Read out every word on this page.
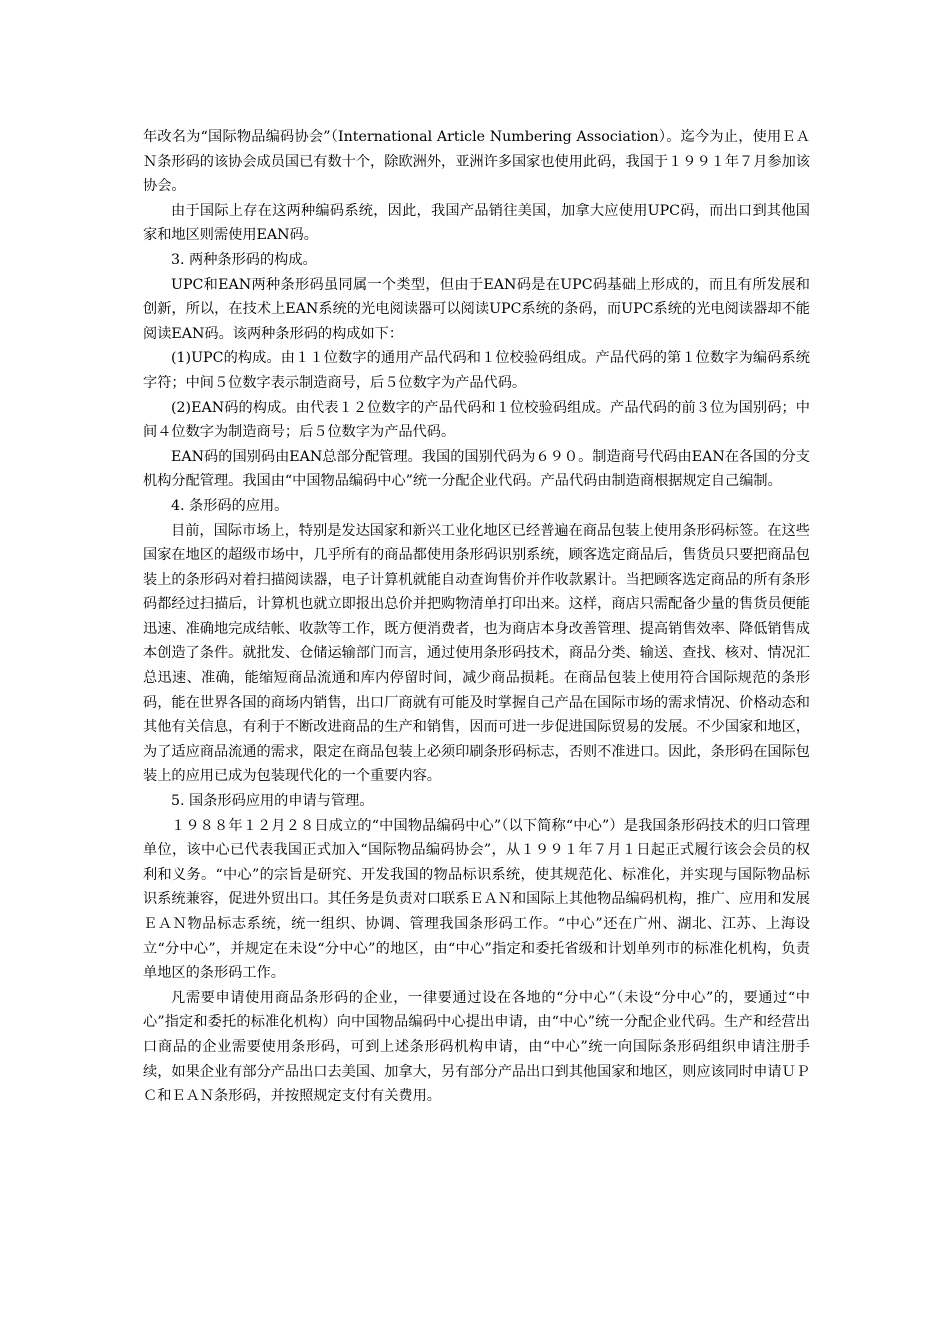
年改名为“国际物品编码协会”（International Article Numbering Association）。迄今为止，使用ＥＡＮ条形码的该协会成员国已有数十个，除欧洲外，亚洲许多国家也使用此码，我国于１９９１年７月参加该协会。

由于国际上存在这两种编码系统，因此，我国产品销往美国，加拿大应使用UPC码，而出口到其他国家和地区则需使用EAN码。

3. 两种条形码的构成。

UPC和EAN两种条形码虽同属一个类型，但由于EAN码是在UPC码基础上形成的，而且有所发展和创新，所以，在技术上EAN系统的光电阅读器可以阅读UPC系统的条码，而UPC系统的光电阅读器却不能阅读EAN码。该两种条形码的构成如下：

(1)UPC的构成。由１１位数字的通用产品代码和１位校验码组成。产品代码的第１位数字为编码系统字符；中间５位数字表示制造商号，后５位数字为产品代码。

(2)EAN码的构成。由代表１２位数字的产品代码和１位校验码组成。产品代码的前３位为国别码；中间４位数字为制造商号；后５位数字为产品代码。

EAN码的国别码由EAN总部分配管理。我国的国别代码为６９０。制造商号代码由EAN在各国的分支机构分配管理。我国由“中国物品编码中心”统一分配企业代码。产品代码由制造商根据规定自己编制。

4. 条形码的应用。

目前，国际市场上，特别是发达国家和新兴工业化地区已经普遍在商品包装上使用条形码标签。在这些国家在地区的超级市场中，几乎所有的商品都使用条形码识别系统，顾客选定商品后，售货员只要把商品包装上的条形码对着扫描阅读器，电子计算机就能自动查询售价并作收款累计。当把顾客选定商品的所有条形码都经过扫描后，计算机也就立即报出总价并把购物清单打印出来。这样，商店只需配备少量的售货员便能迅速、准确地完成结帐、收款等工作，既方便消费者，也为商店本身改善管理、提高销售效率、降低销售成本创造了条件。就批发、仓储运输部门而言，通过使用条形码技术，商品分类、输送、查找、核对、情况汇总迅速、准确，能缩短商品流通和库内停留时间，减少商品损耗。在商品包装上使用符合国际规范的条形码，能在世界各国的商场内销售，出口厂商就有可能及时掌握自己产品在国际市场的需求情况、价格动态和其他有关信息，有利于不断改进商品的生产和销售，因而可进一步促进国际贸易的发展。不少国家和地区，为了适应商品流通的需求，限定在商品包装上必须印刷条形码标志，否则不准进口。因此，条形码在国际包装上的应用已成为包装现代化的一个重要内容。

5. 国条形码应用的申请与管理。

１９８８年１２月２８日成立的“中国物品编码中心”（以下简称“中心”）是我国条形码技术的归口管理单位，该中心已代表我国正式加入“国际物品编码协会”，从１９９１年７月１日起正式履行该会会员的权利和义务。“中心”的宗旨是研究、开发我国的物品标识系统，使其规范化、标准化，并实现与国际物品标识系统兼容，促进外贸出口。其任务是负责对口联系ＥＡＮ和国际上其他物品编码机构，推广、应用和发展ＥＡＮ物品标志系统，统一组织、协调、管理我国条形码工作。“中心”还在广州、湖北、江苏、上海设立“分中心”，并规定在未设“分中心”的地区，由“中心”指定和委托省级和计划单列市的标准化机构，负责单地区的条形码工作。

凡需要申请使用商品条形码的企业，一律要通过设在各地的“分中心”（未设“分中心”的，要通过“中心”指定和委托的标准化机构）向中国物品编码中心提出申请，由“中心”统一分配企业代码。生产和经营出口商品的企业需要使用条形码，可到上述条形码机构申请，由“中心”统一向国际条形码组织申请注册手续，如果企业有部分产品出口去美国、加拿大，另有部分产品出口到其他国家和地区，则应该同时申请ＵＰＣ和ＥＡＮ条形码，并按照规定支付有关费用。
